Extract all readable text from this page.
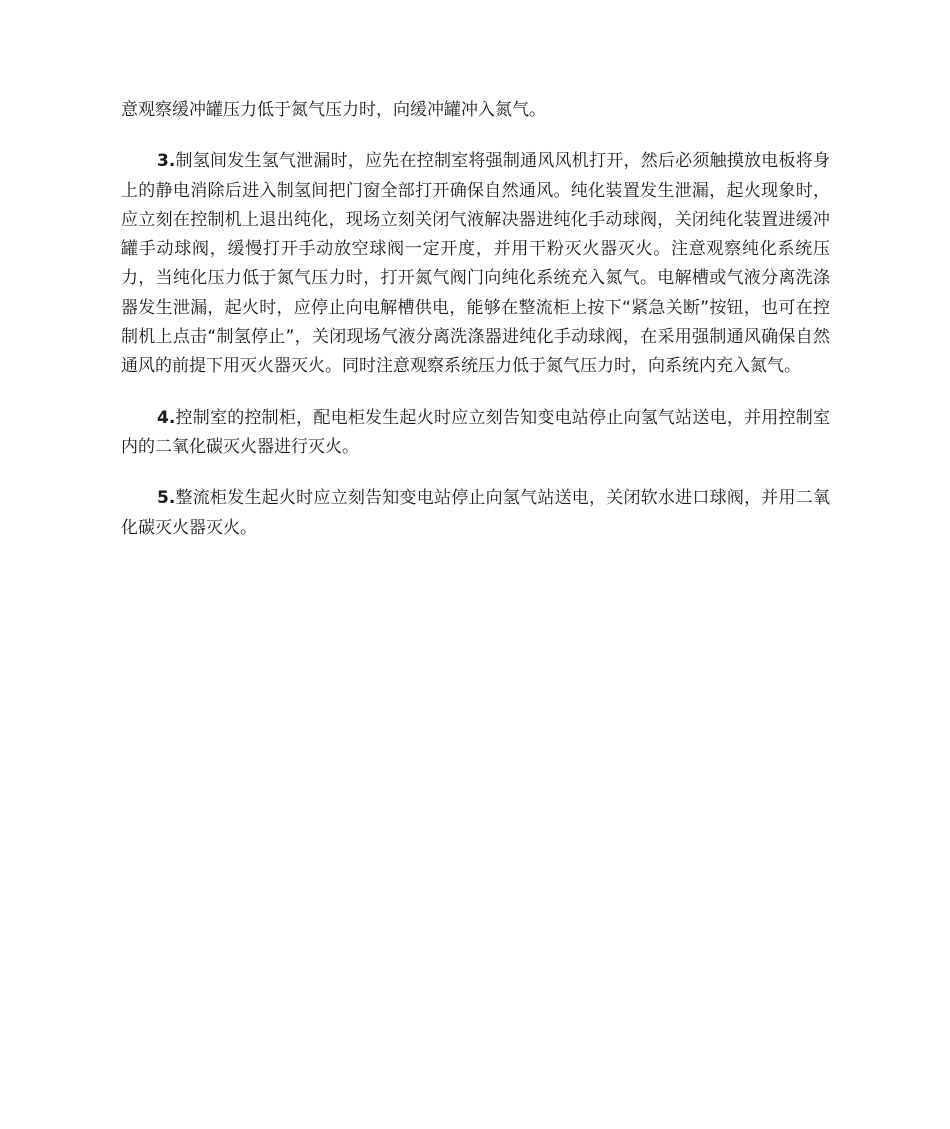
意观察缓冲罐压力低于氮气压力时，向缓冲罐冲入氮气。

3.制氢间发生氢气泄漏时，应先在控制室将强制通风风机打开，然后必须触摸放电板将身上的静电消除后进入制氢间把门窗全部打开确保自然通风。纯化装置发生泄漏，起火现象时，应立刻在控制机上退出纯化，现场立刻关闭气液解决器进纯化手动球阀，关闭纯化装置进缓冲罐手动球阀，缓慢打开手动放空球阀一定开度，并用干粉灭火器灭火。注意观察纯化系统压力，当纯化压力低于氮气压力时，打开氮气阀门向纯化系统充入氮气。电解槽或气液分离洗涤器发生泄漏，起火时，应停止向电解槽供电，能够在整流柜上按下“紧急关断”按钮，也可在控制机上点击“制氢停止”，关闭现场气液分离洗涤器进纯化手动球阀，在采用强制通风确保自然通风的前提下用灭火器灭火。同时注意观察系统压力低于氮气压力时，向系统内充入氮气。

4.控制室的控制柜，配电柜发生起火时应立刻告知变电站停止向氢气站送电，并用控制室内的二氧化碳灭火器进行灭火。

5.整流柜发生起火时应立刻告知变电站停止向氢气站送电，关闭软水进口球阀，并用二氧化碳灭火器灭火。
